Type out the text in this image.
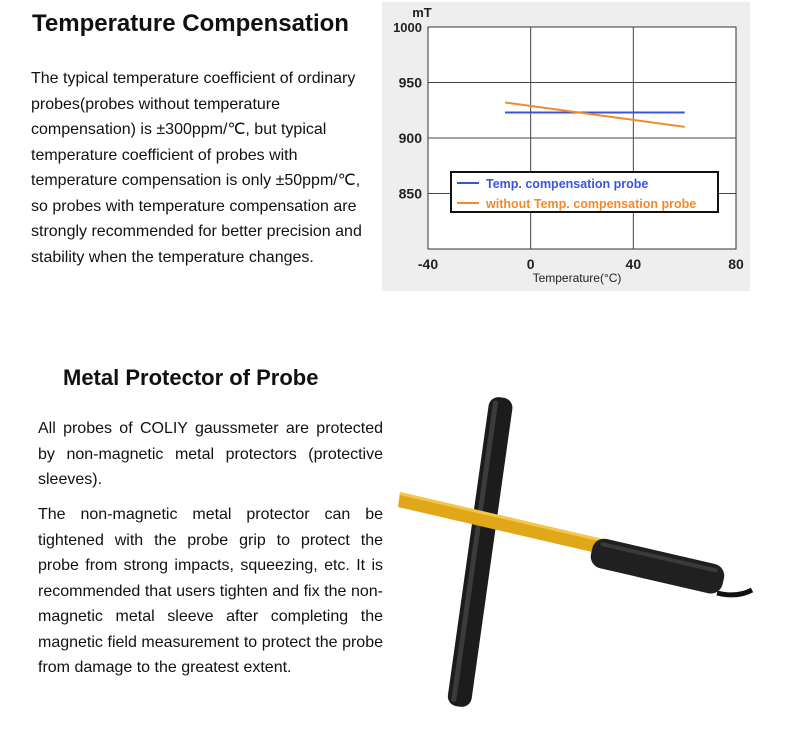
Temperature Compensation
The typical temperature coefficient of ordinary probes(probes without temperature compensation) is ±300ppm/℃, but typical temperature coefficient of probes with temperature compensation is only ±50ppm/℃, so probes with temperature compensation are strongly recommended for better precision and stability when the temperature changes.
1000
950
900
850
-40	0	40	80
mT
Temperature(°C)
Temp. compensation probe
without Temp. compensation probe
Metal Protector of Probe
All probes of COLIY gaussmeter are protected by non-magnetic metal protectors (protective sleeves).
The non-magnetic metal protector can be tightened with the probe grip to protect the probe from strong impacts, squeezing, etc. It is recommended that users tighten and fix the non-magnetic metal sleeve after completing the magnetic field measurement to protect the probe from damage to the greatest extent.
